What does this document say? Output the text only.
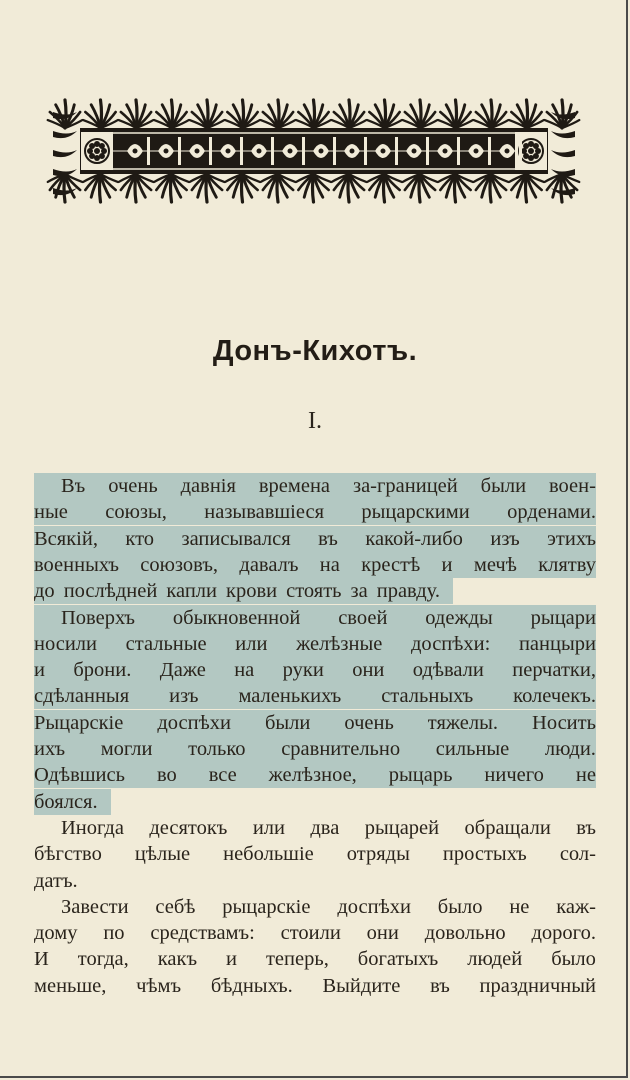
Донъ-Кихотъ.
I.
Въ очень давнія времена за-границей были воен-
ные союзы, называвшіеся рыцарскими орденами.
Всякій, кто записывался въ какой-либо изъ этихъ
военныхъ союзовъ, давалъ на крестѣ и мечѣ клятву
до послѣдней капли крови стоять за правду.
Поверхъ обыкновенной своей одежды рыцари
носили стальные или желѣзные доспѣхи: панцыри
и брони. Даже на руки они одѣвали перчатки,
сдѣланныя изъ маленькихъ стальныхъ колечекъ.
Рыцарскіе доспѣхи были очень тяжелы. Носить
ихъ могли только сравнительно сильные люди.
Одѣвшись во все желѣзное, рыцарь ничего не
боялся.
Иногда десятокъ или два рыцарей обращали въ
бѣгство цѣлые небольшіе отряды простыхъ сол-
датъ.
Завести себѣ рыцарскіе доспѣхи было не каж-
дому по средствамъ: стоили они довольно дорого.
И тогда, какъ и теперь, богатыхъ людей было
меньше, чѣмъ бѣдныхъ. Выйдите въ праздничный
